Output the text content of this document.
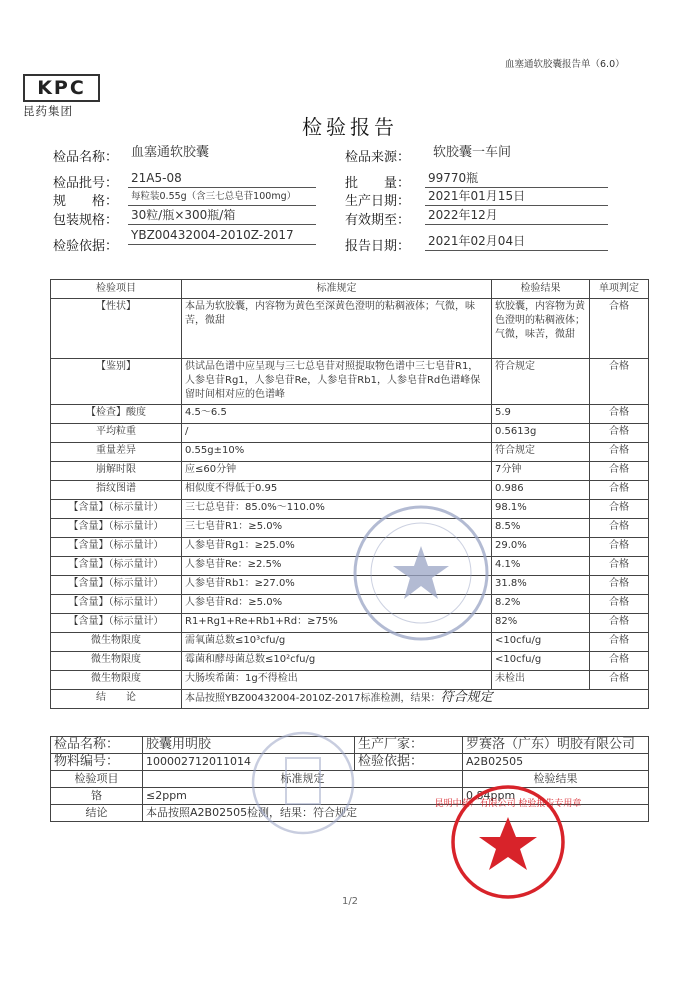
血塞通软胶囊报告单（6.0）
KPC
昆药集团
检验报告
检品名称： 血塞通软胶囊	检品来源： 软胶囊一车间
检品批号： 21A5-08	批　　量： 99770瓶
规　　格：	每粒装0.55g（含三七总皂苷100mg）	生产日期： 2021年01月15日
包装规格： 30粒/瓶×300瓶/箱	有效期至： 2022年12月
检验依据：
YBZ00432004-2010Z-2017
报告日期： 2021年02月04日
检验项目	标准规定	检验结果	单项判定
【性状】	本品为软胶囊，内容物为黄色至深黄色澄明的粘稠液体；气微，味苦，微甜	软胶囊，内容物为黄色澄明的粘稠液体；气微，味苦，微甜	合格
【鉴别】	供试品色谱中应呈现与三七总皂苷对照提取物色谱中三七皂苷R1，人参皂苷Rg1，人参皂苷Re，人参皂苷Rb1，人参皂苷Rd色谱峰保留时间相对应的色谱峰	符合规定	合格
【检查】酸度	4.5～6.5	5.9	合格
平均粒重	/	0.5613g	合格
重量差异	0.55g±10%	符合规定	合格
崩解时限	应≤60分钟	7分钟	合格
指纹图谱	相似度不得低于0.95	0.986	合格
【含量】（标示量计）	三七总皂苷：85.0%～110.0%	98.1%	合格
【含量】（标示量计）	三七皂苷R1：≥5.0%	8.5%	合格
【含量】（标示量计）	人参皂苷Rg1：≥25.0%	29.0%	合格
【含量】（标示量计）	人参皂苷Re：≥2.5%	4.1%	合格
【含量】（标示量计）	人参皂苷Rb1：≥27.0%	31.8%	合格
【含量】（标示量计）	人参皂苷Rd：≥5.0%	8.2%	合格
【含量】（标示量计）	R1+Rg1+Re+Rb1+Rd：≥75%	82%	合格
微生物限度	需氧菌总数≤10³cfu/g	<10cfu/g	合格
微生物限度	霉菌和酵母菌总数≤10²cfu/g	<10cfu/g	合格
微生物限度	大肠埃希菌：1g不得检出	未检出	合格
结　　论	本品按照YBZ00432004-2010Z-2017标准检测，结果：符合规定		
检品名称：	胶囊用明胶	生产厂家：	罗赛洛（广东）明胶有限公司
物料编号：	100002712011014	检验依据：	A2B02505
检验项目	标准规定		检验结果
铬	≤2ppm		0.84ppm
结论	本品按照A2B02505检测，结果：符合规定		
昆明中药厂有限公司 检验报告专用章
1/2
